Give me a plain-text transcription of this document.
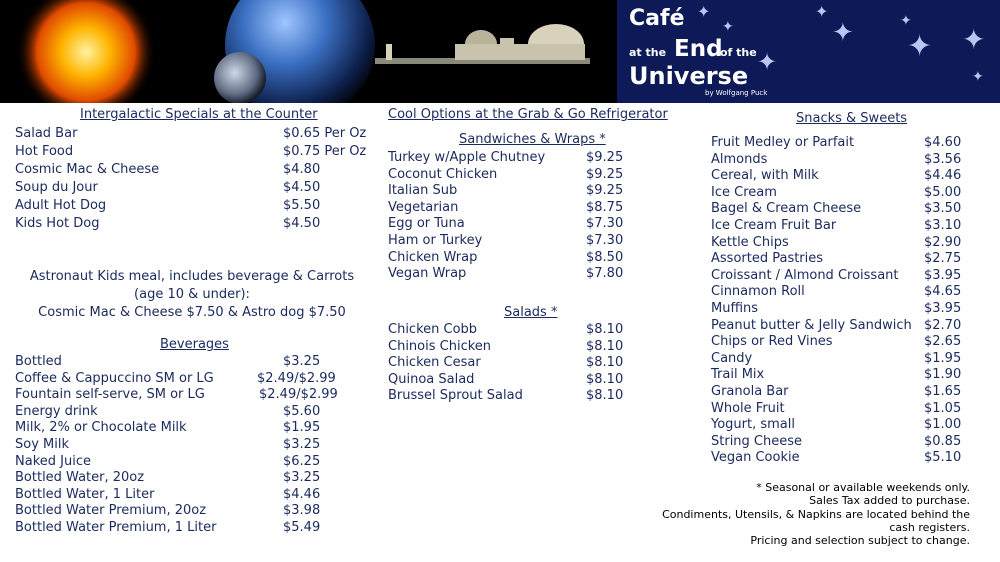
✦
✦
✦
✦
✦	✦
✦ ✦
✦
Café
at the End
of the
Universe
by Wolfgang Puck
Intergalactic Specials at the Counter
Salad Bar	$0.65 Per Oz
Hot Food	$0.75 Per Oz
Cosmic Mac & Cheese	$4.80
Soup du Jour	$4.50
Adult Hot Dog	$5.50
Kids Hot Dog	$4.50
Astronaut Kids meal, includes beverage & Carrots
(age 10 & under):
Cosmic Mac & Cheese $7.50 & Astro dog $7.50
Beverages
Bottled	$3.25
Coffee & Cappuccino SM or LG	$2.49/$2.99
Fountain self-serve, SM or LG	$2.49/$2.99
Energy drink	$5.60
Milk, 2% or Chocolate Milk	$1.95
Soy Milk	$3.25
Naked Juice	$6.25
Bottled Water, 20oz	$3.25
Bottled Water, 1 Liter	$4.46
Bottled Water Premium, 20oz	$3.98
Bottled Water Premium, 1 Liter	$5.49
Cool Options at the Grab & Go Refrigerator
Sandwiches & Wraps *
Turkey w/Apple Chutney	$9.25
Coconut Chicken	$9.25
Italian Sub	$9.25
Vegetarian	$8.75
Egg or Tuna	$7.30
Ham or Turkey	$7.30
Chicken Wrap	$8.50
Vegan Wrap	$7.80
Salads *
Chicken Cobb	$8.10
Chinois Chicken	$8.10
Chicken Cesar	$8.10
Quinoa Salad	$8.10
Brussel Sprout Salad	$8.10
Snacks & Sweets
Fruit Medley or Parfait	$4.60
Almonds	$3.56
Cereal, with Milk	$4.46
Ice Cream	$5.00
Bagel & Cream Cheese	$3.50
Ice Cream Fruit Bar	$3.10
Kettle Chips	$2.90
Assorted Pastries	$2.75
Croissant / Almond Croissant $3.95
Cinnamon Roll	$4.65
Muffins	$3.95
Peanut butter & Jelly Sandwich $2.70
Chips or Red Vines	$2.65
Candy	$1.95
Trail Mix	$1.90
Granola Bar	$1.65
Whole Fruit	$1.05
Yogurt, small	$1.00
String Cheese	$0.85
Vegan Cookie	$5.10
* Seasonal or available weekends only.
Sales Tax added to purchase.
Condiments, Utensils, & Napkins are located behind the
cash registers.
Pricing and selection subject to change.
